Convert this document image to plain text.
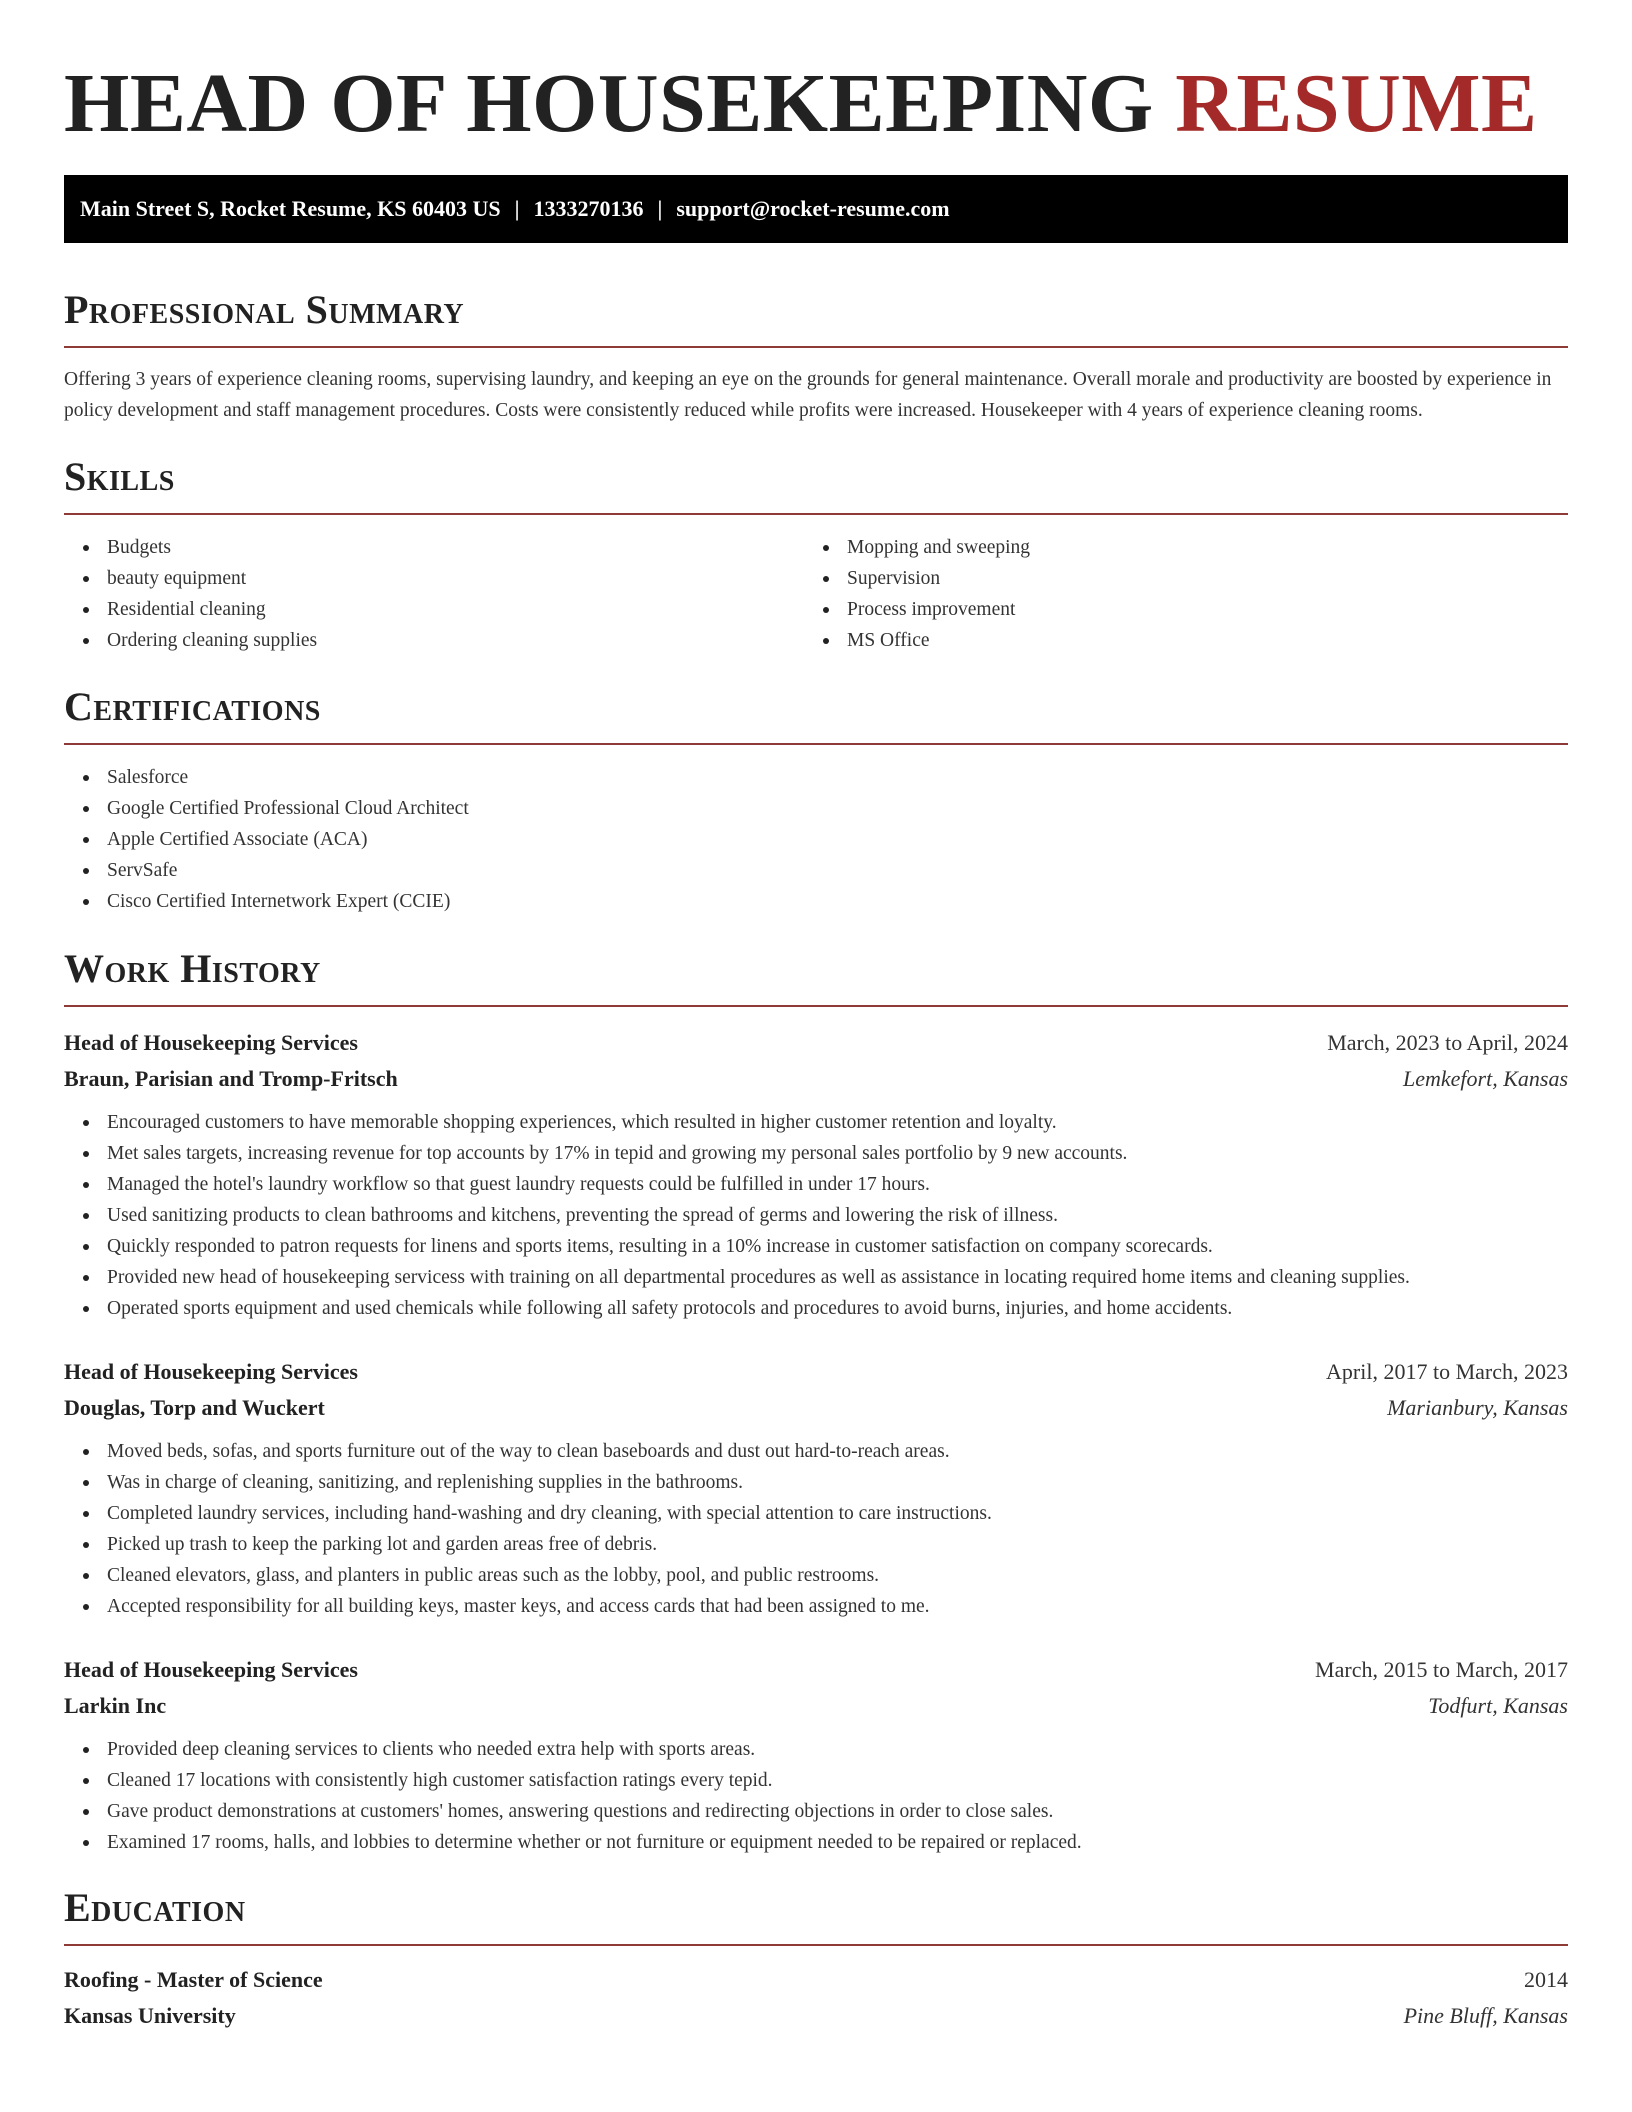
HEAD OF HOUSEKEEPING RESUME
Main Street S, Rocket Resume, KS 60403 US | 1333270136 | support@rocket-resume.com
Professional Summary

Offering 3 years of experience cleaning rooms, supervising laundry, and keeping an eye on the grounds for general maintenance. Overall morale and productivity are boosted by experience in policy development and staff management procedures. Costs were consistently reduced while profits were increased. Housekeeper with 4 years of experience cleaning rooms.

Skills
Budgets
beauty equipment
Residential cleaning
Ordering cleaning supplies
Mopping and sweeping
Supervision
Process improvement
MS Office
Certifications
Salesforce
Google Certified Professional Cloud Architect
Apple Certified Associate (ACA)
ServSafe
Cisco Certified Internetwork Expert (CCIE)
Work History
Head of Housekeeping Services	March, 2023 to April, 2024
Braun, Parisian and Tromp-Fritsch	Lemkefort, Kansas
Encouraged customers to have memorable shopping experiences, which resulted in higher customer retention and loyalty.
Met sales targets, increasing revenue for top accounts by 17% in tepid and growing my personal sales portfolio by 9 new accounts.
Managed the hotel's laundry workflow so that guest laundry requests could be fulfilled in under 17 hours.
Used sanitizing products to clean bathrooms and kitchens, preventing the spread of germs and lowering the risk of illness.
Quickly responded to patron requests for linens and sports items, resulting in a 10% increase in customer satisfaction on company scorecards.
Provided new head of housekeeping servicess with training on all departmental procedures as well as assistance in locating required home items and cleaning supplies.
Operated sports equipment and used chemicals while following all safety protocols and procedures to avoid burns, injuries, and home accidents.
Head of Housekeeping Services	April, 2017 to March, 2023
Douglas, Torp and Wuckert	Marianbury, Kansas
Moved beds, sofas, and sports furniture out of the way to clean baseboards and dust out hard-to-reach areas.
Was in charge of cleaning, sanitizing, and replenishing supplies in the bathrooms.
Completed laundry services, including hand-washing and dry cleaning, with special attention to care instructions.
Picked up trash to keep the parking lot and garden areas free of debris.
Cleaned elevators, glass, and planters in public areas such as the lobby, pool, and public restrooms.
Accepted responsibility for all building keys, master keys, and access cards that had been assigned to me.
Head of Housekeeping Services	March, 2015 to March, 2017
Larkin Inc	Todfurt, Kansas
Provided deep cleaning services to clients who needed extra help with sports areas.
Cleaned 17 locations with consistently high customer satisfaction ratings every tepid.
Gave product demonstrations at customers' homes, answering questions and redirecting objections in order to close sales.
Examined 17 rooms, halls, and lobbies to determine whether or not furniture or equipment needed to be repaired or replaced.
Education
Roofing - Master of Science	2014
Kansas University	Pine Bluff, Kansas
